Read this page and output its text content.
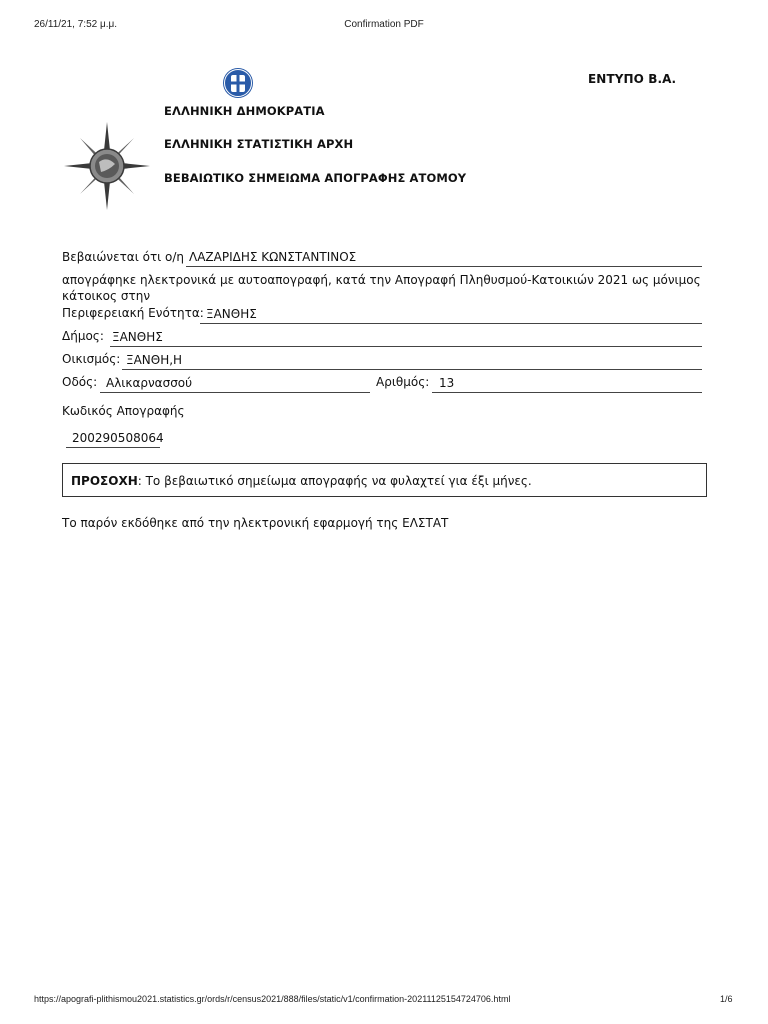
26/11/21, 7:52 μ.μ.	Confirmation PDF
ΕΝΤΥΠΟ Β.Α.
ΕΛΛΗΝΙΚΗ ΔΗΜΟΚΡΑΤΙΑ
ΕΛΛΗΝΙΚΗ ΣΤΑΤΙΣΤΙΚΗ ΑΡΧΗ
ΒΕΒΑΙΩΤΙΚΟ ΣΗΜΕΙΩΜΑ ΑΠΟΓΡΑΦΗΣ ΑΤΟΜΟΥ
Βεβαιώνεται ότι ο/η ΛΑΖΑΡΙΔΗΣ ΚΩΝΣΤΑΝΤΙΝΟΣ
απογράφηκε ηλεκτρονικά με αυτοαπογραφή, κατά την Απογραφή Πληθυσμού-Κατοικιών 2021 ως μόνιμος κάτοικος στην
Περιφερειακή Ενότητα: ΞΑΝΘΗΣ
Δήμος: ΞΑΝΘΗΣ
Οικισμός: ΞΑΝΘΗ,Η
Οδός: Αλικαρνασσού	Αριθμός: 13
Κωδικός Απογραφής
200290508064
ΠΡΟΣΟΧΗ: Το βεβαιωτικό σημείωμα απογραφής να φυλαχτεί για έξι μήνες.
Το παρόν εκδόθηκε από την ηλεκτρονική εφαρμογή της ΕΛΣΤΑΤ
https://apografi-plithismou2021.statistics.gr/ords/r/census2021/888/files/static/v1/confirmation-20211125154724706.html	1/6
